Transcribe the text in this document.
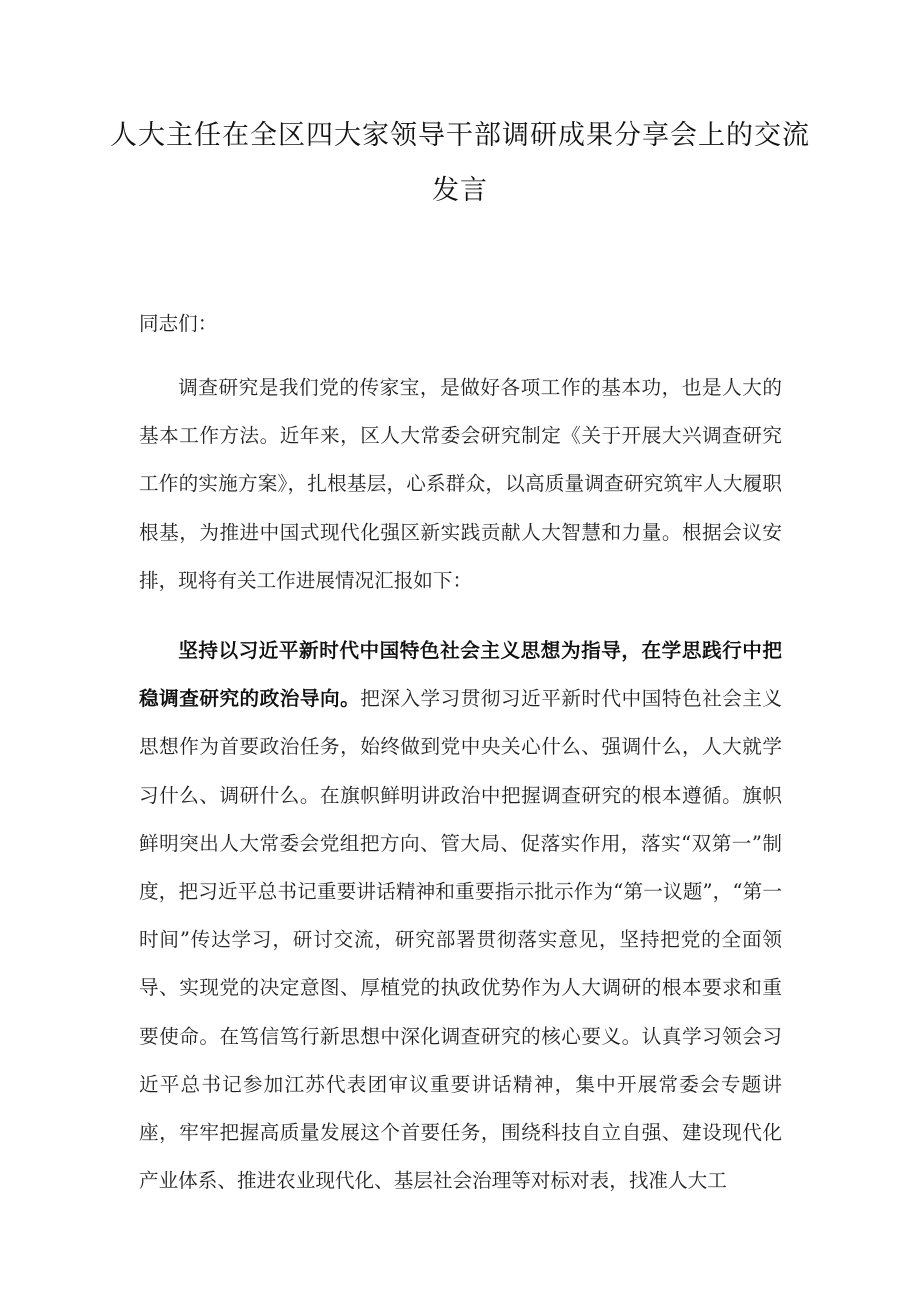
人大主任在全区四大家领导干部调研成果分享会上的交流发言

同志们：

调查研究是我们党的传家宝，是做好各项工作的基本功，也是人大的基本工作方法。近年来，区人大常委会研究制定《关于开展大兴调查研究工作的实施方案》，扎根基层，心系群众，以高质量调查研究筑牢人大履职根基，为推进中国式现代化强区新实践贡献人大智慧和力量。根据会议安排，现将有关工作进展情况汇报如下：

坚持以习近平新时代中国特色社会主义思想为指导，在学思践行中把稳调查研究的政治导向。把深入学习贯彻习近平新时代中国特色社会主义思想作为首要政治任务，始终做到党中央关心什么、强调什么，人大就学习什么、调研什么。在旗帜鲜明讲政治中把握调查研究的根本遵循。旗帜鲜明突出人大常委会党组把方向、管大局、促落实作用，落实“双第一”制度，把习近平总书记重要讲话精神和重要指示批示作为“第一议题”，“第一时间”传达学习，研讨交流，研究部署贯彻落实意见，坚持把党的全面领导、实现党的决定意图、厚植党的执政优势作为人大调研的根本要求和重要使命。在笃信笃行新思想中深化调查研究的核心要义。认真学习领会习近平总书记参加江苏代表团审议重要讲话精神，集中开展常委会专题讲座，牢牢把握高质量发展这个首要任务，围绕科技自立自强、建设现代化产业体系、推进农业现代化、基层社会治理等对标对表，找准人大工
